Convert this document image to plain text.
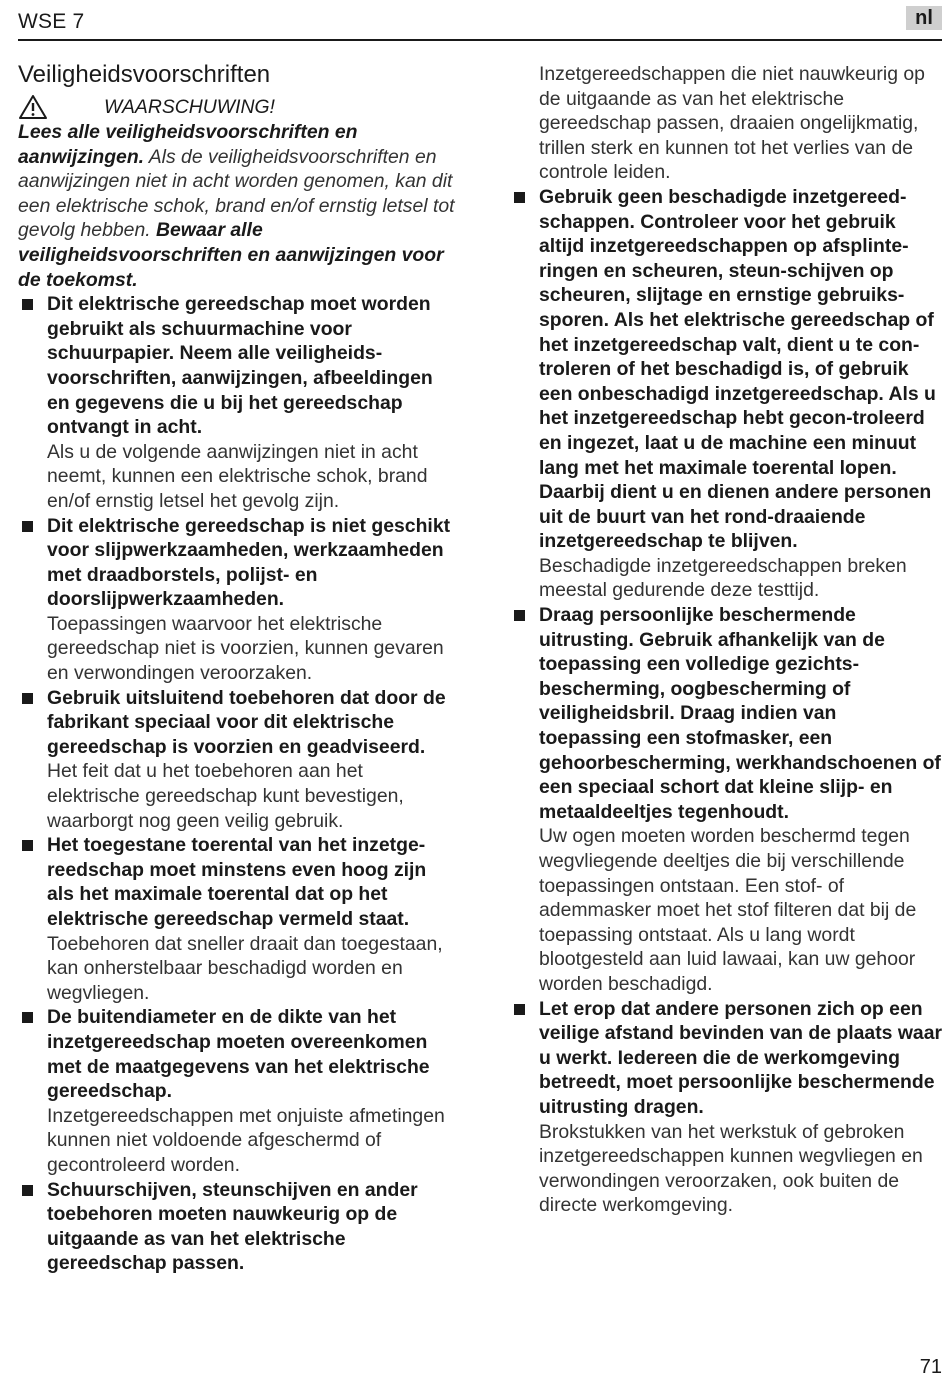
WSE 7	nl
Veiligheidsvoorschriften
WAARSCHUWING!

Lees alle veiligheidsvoorschriften en aanwijzingen. Als de veiligheidsvoorschriften en aanwijzingen niet in acht worden genomen, kan dit een elektrische schok, brand en/of ernstig letsel tot gevolg hebben. Bewaar alle veiligheidsvoorschriften en aanwijzingen voor de toekomst.

Dit elektrische gereedschap moet worden gebruikt als schuurmachine voor schuurpapier. Neem alle veiligheids-voorschriften, aanwijzingen, afbeeldingen en gegevens die u bij het gereedschap ontvangt in acht.

Als u de volgende aanwijzingen niet in acht neemt, kunnen een elektrische schok, brand en/of ernstig letsel het gevolg zijn.

Dit elektrische gereedschap is niet geschikt voor slijpwerkzaamheden, werkzaamheden met draadborstels, polijst- en doorslijpwerkzaamheden.

Toepassingen waarvoor het elektrische gereedschap niet is voorzien, kunnen gevaren en verwondingen veroorzaken.

Gebruik uitsluitend toebehoren dat door de fabrikant speciaal voor dit elektrische gereedschap is voorzien en geadviseerd.

Het feit dat u het toebehoren aan het elektrische gereedschap kunt bevestigen, waarborgt nog geen veilig gebruik.

Het toegestane toerental van het inzetge-reedschap moet minstens even hoog zijn als het maximale toerental dat op het elektrische gereedschap vermeld staat.

Toebehoren dat sneller draait dan toegestaan, kan onherstelbaar beschadigd worden en wegvliegen.

De buitendiameter en de dikte van het inzetgereedschap moeten overeenkomen met de maatgegevens van het elektrische gereedschap.

Inzetgereedschappen met onjuiste afmetingen kunnen niet voldoende afgeschermd of gecontroleerd worden.

Schuurschijven, steunschijven en ander toebehoren moeten nauwkeurig op de uitgaande as van het elektrische gereedschap passen.

Inzetgereedschappen die niet nauwkeurig op de uitgaande as van het elektrische gereedschap passen, draaien ongelijkmatig, trillen sterk en kunnen tot het verlies van de controle leiden.

Gebruik geen beschadigde inzetgereed-schappen. Controleer voor het gebruik altijd inzetgereedschappen op afsplinte-ringen en scheuren, steun-schijven op scheuren, slijtage en ernstige gebruiks-sporen. Als het elektrische gereedschap of het inzetgereedschap valt, dient u te con-troleren of het beschadigd is, of gebruik een onbeschadigd inzetgereedschap. Als u het inzetgereedschap hebt gecon-troleerd en ingezet, laat u de machine een minuut lang met het maximale toerental lopen. Daarbij dient u en dienen andere personen uit de buurt van het rond-draaiende inzetgereedschap te blijven.

Beschadigde inzetgereedschappen breken meestal gedurende deze testtijd.

Draag persoonlijke beschermende uitrusting. Gebruik afhankelijk van de toepassing een volledige gezichts-bescherming, oogbescherming of veiligheidsbril. Draag indien van toepassing een stofmasker, een gehoorbescherming, werkhandschoenen of een speciaal schort dat kleine slijp- en metaaldeeltjes tegenhoudt.

Uw ogen moeten worden beschermd tegen wegvliegende deeltjes die bij verschillende toepassingen ontstaan. Een stof- of ademmasker moet het stof filteren dat bij de toepassing ontstaat. Als u lang wordt blootgesteld aan luid lawaai, kan uw gehoor worden beschadigd.

Let erop dat andere personen zich op een veilige afstand bevinden van de plaats waar u werkt. Iedereen die de werkomgeving betreedt, moet persoonlijke beschermende uitrusting dragen.

Brokstukken van het werkstuk of gebroken inzetgereedschappen kunnen wegvliegen en verwondingen veroorzaken, ook buiten de directe werkomgeving.

71
